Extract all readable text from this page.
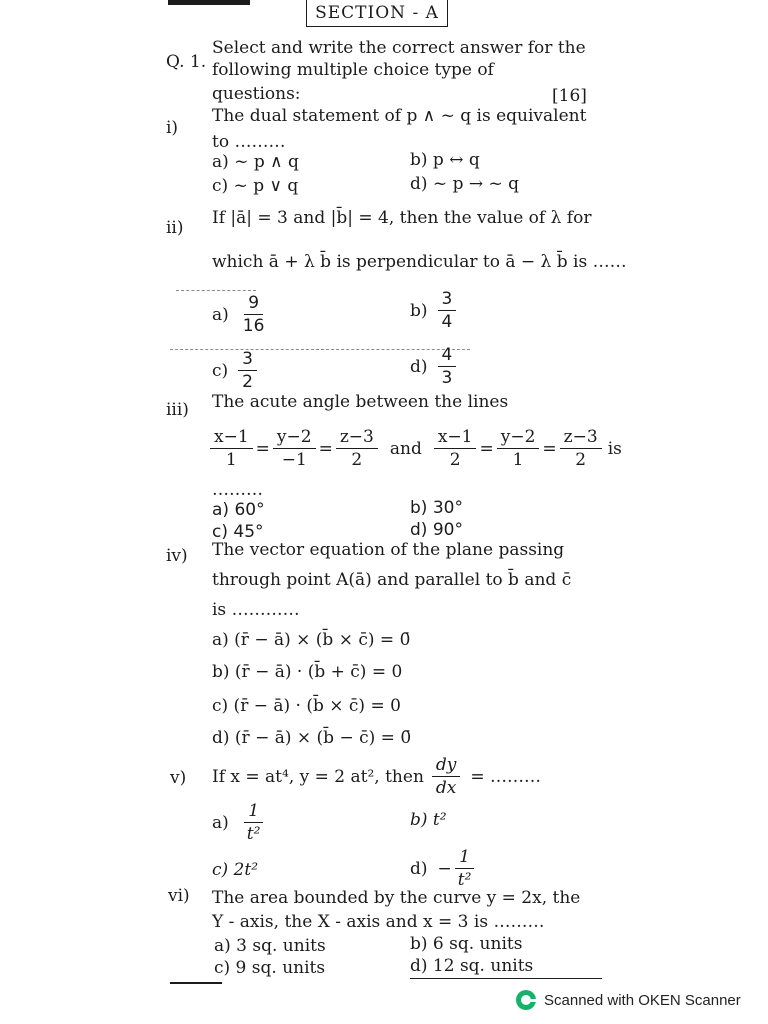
SECTION - A
Q. 1.
Select and write the correct answer for the
following multiple choice type of
questions:	[16]
i)
The dual statement of p ∧ ~ q is equivalent
to ………
a) ~ p ∧ q	b) p ↔ q
c) ~ p ∨ q	d) ~ p → ~ q
ii) If |ā| = 3 and |b̄| = 4, then the value of λ for
which ā + λ b̄ is perpendicular to ā − λ b̄ is ……
$a) \frac{9}{16}$	$b) \frac{3}{4}$
$c) \frac{3}{2}$	$d) \frac{4}{3}$
iii) The acute angle between the lines
$\frac{x-1}{1} = \frac{y-2}{-1} = \frac{z-3}{2}$ and $\frac{x-1}{2} = \frac{y-2}{1} = \frac{z-3}{2}$ is
………
a) 60°	b) 30°
c) 45°	d) 90°
iv) The vector equation of the plane passing
through point A(ā) and parallel to b̄ and c̄
is …………
a) (r̄ − ā) × (b̄ × c̄) = 0̄
b) (r̄ − ā) · (b̄ + c̄) = 0
c) (r̄ − ā) · (b̄ × c̄) = 0
d) (r̄ − ā) × (b̄ − c̄) = 0̄
v) If x = at⁴, y = 2 at², then $\frac{dy}{dx}$ = ………
$a) \frac{1}{\text{t²}}$	b) t²
c) 2t²	$d) - \frac{1}{\text{t²}}$
vi) The area bounded by the curve y = 2x, the
Y - axis, the X - axis and x = 3 is ………
a) 3 sq. units	b) 6 sq. units
c) 9 sq. units	d) 12 sq. units
Scanned with OKEN Scanner
